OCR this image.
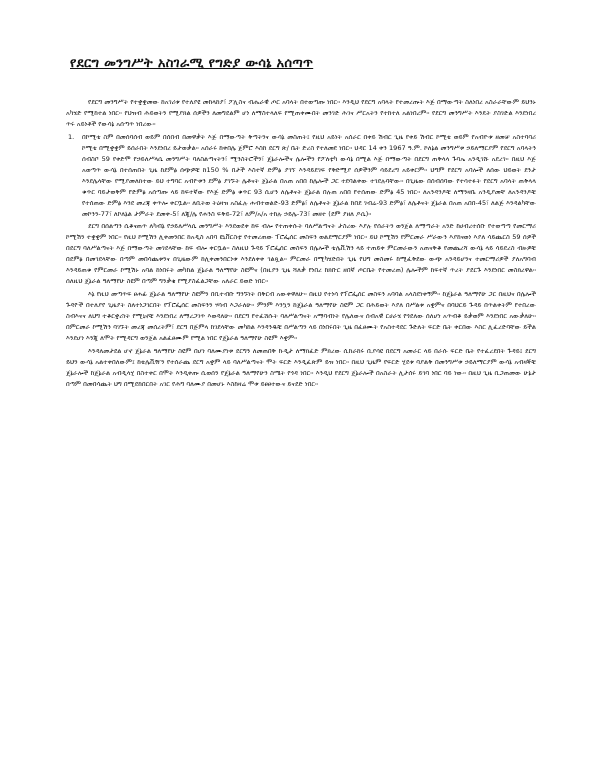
የደርግ መንግሥት አስገራሚ የግድያ ውሳኔ አሰጣጥ

የደርግ መንግሥት የተቋቋመው ከአገሪቱ የተለያዩ መከላከያ፣ ፖሊስና ብሔራዊ ጦር አባላት በተወጣጡ ነበር፡፡ እንዲህ የደርግ አባላት የተመረጡት እጅ በማውጣት ስለነበረ አስራራቸውም ይህንኑ አካሄድ የሚከተል ነበር፡፡ የህዝብ ሕይወትን የሚያክል ሰዎችን ለመግደልም ሆነ ለማስተላለፍ የሚጠቀሙበት መንገድ ሕገና ሥርአትን የተከተለ አልነበረም፡፡ የደርግ መንግሥት እንዴት ያስገድል እንደነበረ ጥሩ አይነቶች የውሳኔ አሰጣጥ ነበረው፡፡

1.	በኮሚቴ ስም በመሰባሰብ ወይም በሰበብ በመዋቃት እጅ በማውጣት ቅጣትንና ውሳኔ መስጠት፤ የዚህ አይነት አሰራር በቀይ ሽብር ጊዜ የቀይ ሽብር ኮሚቴ ወይም የአብዮቱ ዘመቻ አስተባባሪ ኮሚቴ በሚቋቋም ይሰራበት እንደነበረ ይታወቃል፡፡ አሰራሩ ከቀበሌ ጀምሮ እስከ ደርግ ጽ/ ቤት ድረስ የተለመደ ነበር፡፡ ህዳር 14 ቀን 1967 ዓ.ም. ኮለኔል መንግሥቱ ኃይለማርያም የደርግ አባላትን ሰብስቦ 59 የቀድሞ የኃይለሥላሴ መንግሥት ባለስልጣናትን፣ ሚንስትሮችን፣ ጄኔራሎችና ሌሎችን የፖለቲካ ውሳኔ በሚል እጅ በማውጣት በደርግ ጠቅላላ ጉባኤ አንዲገሹ አደረገ። በዚህ እጅ አወጣጥ ውሳኔ በተሰጠበት ጊዜ ከደምፅ ሰጭዎቹ ከ150 % በታች እስተኛ ድምፅ ያገኘ እንዳይደገፍ የቅድሚያ ሰዎችንም ሳይደረግ አይቀርም፡፡ ህግም የደርግ አባሎች ለሰው ህይወት ደንታ እንደሌላቸው የሚያመለክተው ይህ ተግባር አብዮቱን ደምፅ ያገኙት ሌቶናት ጀኔራል በአጠ አበበ ከሌሎች ጋር ተደባልቀው ተገደሉባቸው፡፡ በጊዜው በሰብሰባው የተሳተፉት የደርግ አባላት ጠቅላላ ቁጥር ባይታወቅም የድምፅ አሰጣጡ ላይ ከፍተኛው የእጅ ድምፅ ቁጥር 93 ሲሆን ለሌቶናት ጄኔራል በሉጠ አበበ የተሰጠው ድምፅ 45 ነበር፡፡ ለአንዳንዶቹ ለማንዛቤ አንዲያመቸ ለአንዳንዶቹ የተሰጠው ድምፅ እንደ መረጃ ቀጥሎ ቀርቧል፡፡ ለቢትወ ትዕዛዝ አስፈሉ ሐብተወልድ-93 ድምፅ፣ ለሌቶናት ጄኔራል ከበደ ገብሬ-93 ድምፅ፣ ለሌቶናት ጄኔራል በአጠ አበበ-45፣ ለልጅ እንዳልካቸው መኮንን-77፣ ለኮለኔል ታምራት ደመቀ-5፣ ለጂ/ሌ የሐንስ ፍቅይ-72፣ ለም/አ/አ ተከሉ ኃይሌ-73፣ መዘተ (ደም ያዘለ ዶሴ)፡፡

ደርግ በሰልጣን ሲቆናጠጥ ለካብኔ የኃይለሥላሴ መንግሥት እንደወደቀ ከፍ ብሎ የተጠቀሱት ባለሥልጣናት ታስረው እያሉ የሰራትን ወንጀል ለማጣራት አንድ ከሀብረተሰቡ የተወጣጣ የመርማሪ ኮሚሽን ተቋቋም ነበር፡፡ የዚህ ኮሚሽን ሊቀመንበር ከአዲስ አበባ ዩኒቨርስቲ የተመረጠው ፕሮፌሰር መስፍን ወልደማርያም ነበር፡፡ ይህ ኮሚሽን የምርመራ ሥራውን እያከናወነ እያለ ሳይጨርስ 59 ሰዎች በደርግ ባለሥልጣናት እጅ በማውጣት መገደላቸው ከፍ ብሎ ቀርቧል፡፡ ስለዚህ ጉዳይ ፕሮፌሰር መስፍን በሌሎች ቴሌቪሽን ላይ ተጠይቀ ምርመራውን አጠናቅቆ የመጨረሻ ውሳኔ ላይ ሳይደረስ ብዙዎቹ በደምፅ በመገደላቸው በጣም መበሳጨቱንና በጊዜውም ከሊቀመንበርነቱ እንደለቀቀ ገልጿል፡፡ ምርመራ በሚካሄድበት ጊዜ የህግ መስመሩ ከሚፈቅደው ውጭ አንዳይሆንና ተመርማሪዎች ያለአግባብ እንዳይጠቁ የምርመራ ኮሚሽኑ አባል ከነበሩት መካከል ጄኔራል ዓለማየሁ ስዩምና (በዚያን ጊዜ ሻለቃ የነበረ ከክቡር ዘበኛ ጦርቤት የተመረጠ) ሌሎችም ከፍተኛ ጥረት ያደርጉ እንደነበር መስክረዋል፡፡ ሰለዚህ ጄኔራል ዓለማየሁ ስዩም በጣም ግንቃቄ የሚያስፈልጋቸው አለራር ይወድ ነበር፡፡

እኔ የዚህ መጣጥፍ ፀሐፊ ጄኔራል ዓለማየሁ ስዩምን በቢተብቡ ግንኙነት በቅርብ አውቀዋለሁ፡፡ በዚህ የተነሳ የፕሮፌሰር መስፍን አባባል አላስደነቀኝም፡፡ ከጄኔራል ዓለማየሁ ጋር በዚህና በሌሎች ጉዳዮች በተለያየ ጊዜያት ስለተነጋገርበት የፕሮፌሰር መስፍንን ሃሳብ እጋራለሁ፡፡ ምንም እንኳን ከጄኔራል ዓለማየሁ ስዩም ጋር በሕይወት እያለ በሥልቱ አቋምና በባህርይ ጉዳይ በጥልቀትም የተበረው ስብእናና ለህግ ተቆርቋሪነት የሚኒኖቹ እንደነበረ ለማረጋገጥ እወዳለሁ፡፡ በደርግ የተፈሸሱት ባለሥልጣናት አማባብነት የሌለውና ሰብአዊ ርሀራሄ የጎደለው ሰለሆነ አጥብቆ ይቃወም እንደነበር አውቃለሁ፡፡ በምርመራ ኮሚሽን ባገኙት መረጃ መሰረትም፣ ደርግ በጅምላ ከገደላቸው መካከል እንዳንዱቹ በሥልጣን ላይ በነበሩበት ጊዜ በፈፀሙት የአስተዳደር ጉድለት ፍርድ ቤት ቀርበው እስር ሊፈረድባቸው ይችል እንደሆነ እንጂ ለሞት የሚዳርግ ወንጀል አልፈፀሙም የሚል ነበር የጄኔራል ዓለማየሁ ስዩም እቋም፡፡

እንዳለመታደል ሆኖ ጄኔራል ዓለማየሁ ስዩም በሆነ ባለሙያነቱ ደርግን ለመጠበቅ ኩዲታ ለማክፈድ ምክረው ሲከራከሩ ቢያሳዩ በደርግ አመራር ላይ በራሱ ፍርድ ቤት የተፈረደበት ጉዳይ፤ ደርግ ይህን ውሳኔ አልተቀበለውም፤ ከቴሌቪዥን የተሰራጨ ደርግ አቋም ላይ ባለሥልጣናት ሞት ፍርድ እንዲፈጽም ይዝ ነበር፡፡ በዚህ ጊዜም የፍርድ ሂደቱ ባያልቅ በመንግሥቱ ኃይለማርያም ውሳኔ አብዛኞቹ ጄኔራሎች ከጄኔራል አብዲላሂ በስተቀር በሞት እንዲቀጡ ሲወሰን የጄኔራል ዓለማየሁን ስሜት የጎዳ ነበር፡፡ እንዲህ የደርግ ጄኔራሎች በአስራት ሊታሰሩ ይገባ ነበር ባይ ነው፡፡ በዚህ ጊዜ ቢጋጠመው ሁኔታ በጣም በመበሳጨት ህግ በሚደከበርበት አገር የሕግ ባለሙያ በመሆኑ እስከዛሬ ሞቱ ይፀፀተውና ይናደድ ነበር፡፡
